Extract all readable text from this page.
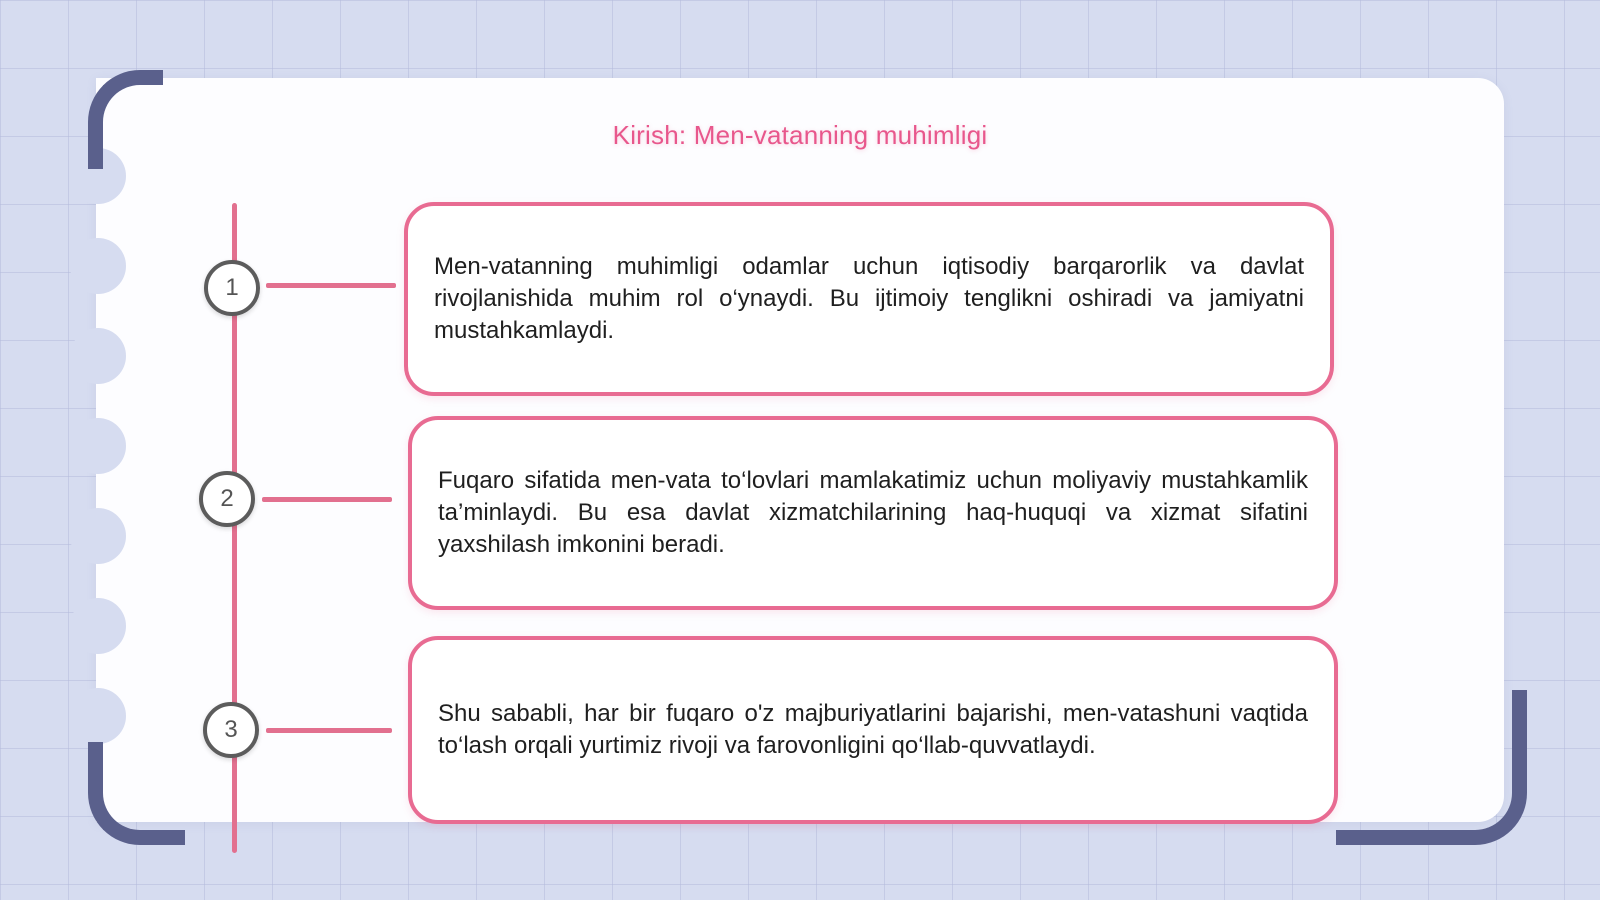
Kirish: Men-vatanning muhimligi
1
2
3

Men-vatanning muhimligi odamlar uchun iqtisodiy barqarorlik va davlat rivojlanishida muhim rol o‘ynaydi. Bu ijtimoiy tenglikni oshiradi va jamiyatni mustahkamlaydi.

Fuqaro sifatida men-vata to‘lovlari mamlakatimiz uchun moliyaviy mustahkamlik ta’minlaydi. Bu esa davlat xizmatchilarining haq-huquqi va xizmat sifatini yaxshilash imkonini beradi.

Shu sababli, har bir fuqaro o'z majburiyatlarini bajarishi, men-vatashuni vaqtida to‘lash orqali yurtimiz rivoji va farovonligini qo‘llab-quvvatlaydi.
